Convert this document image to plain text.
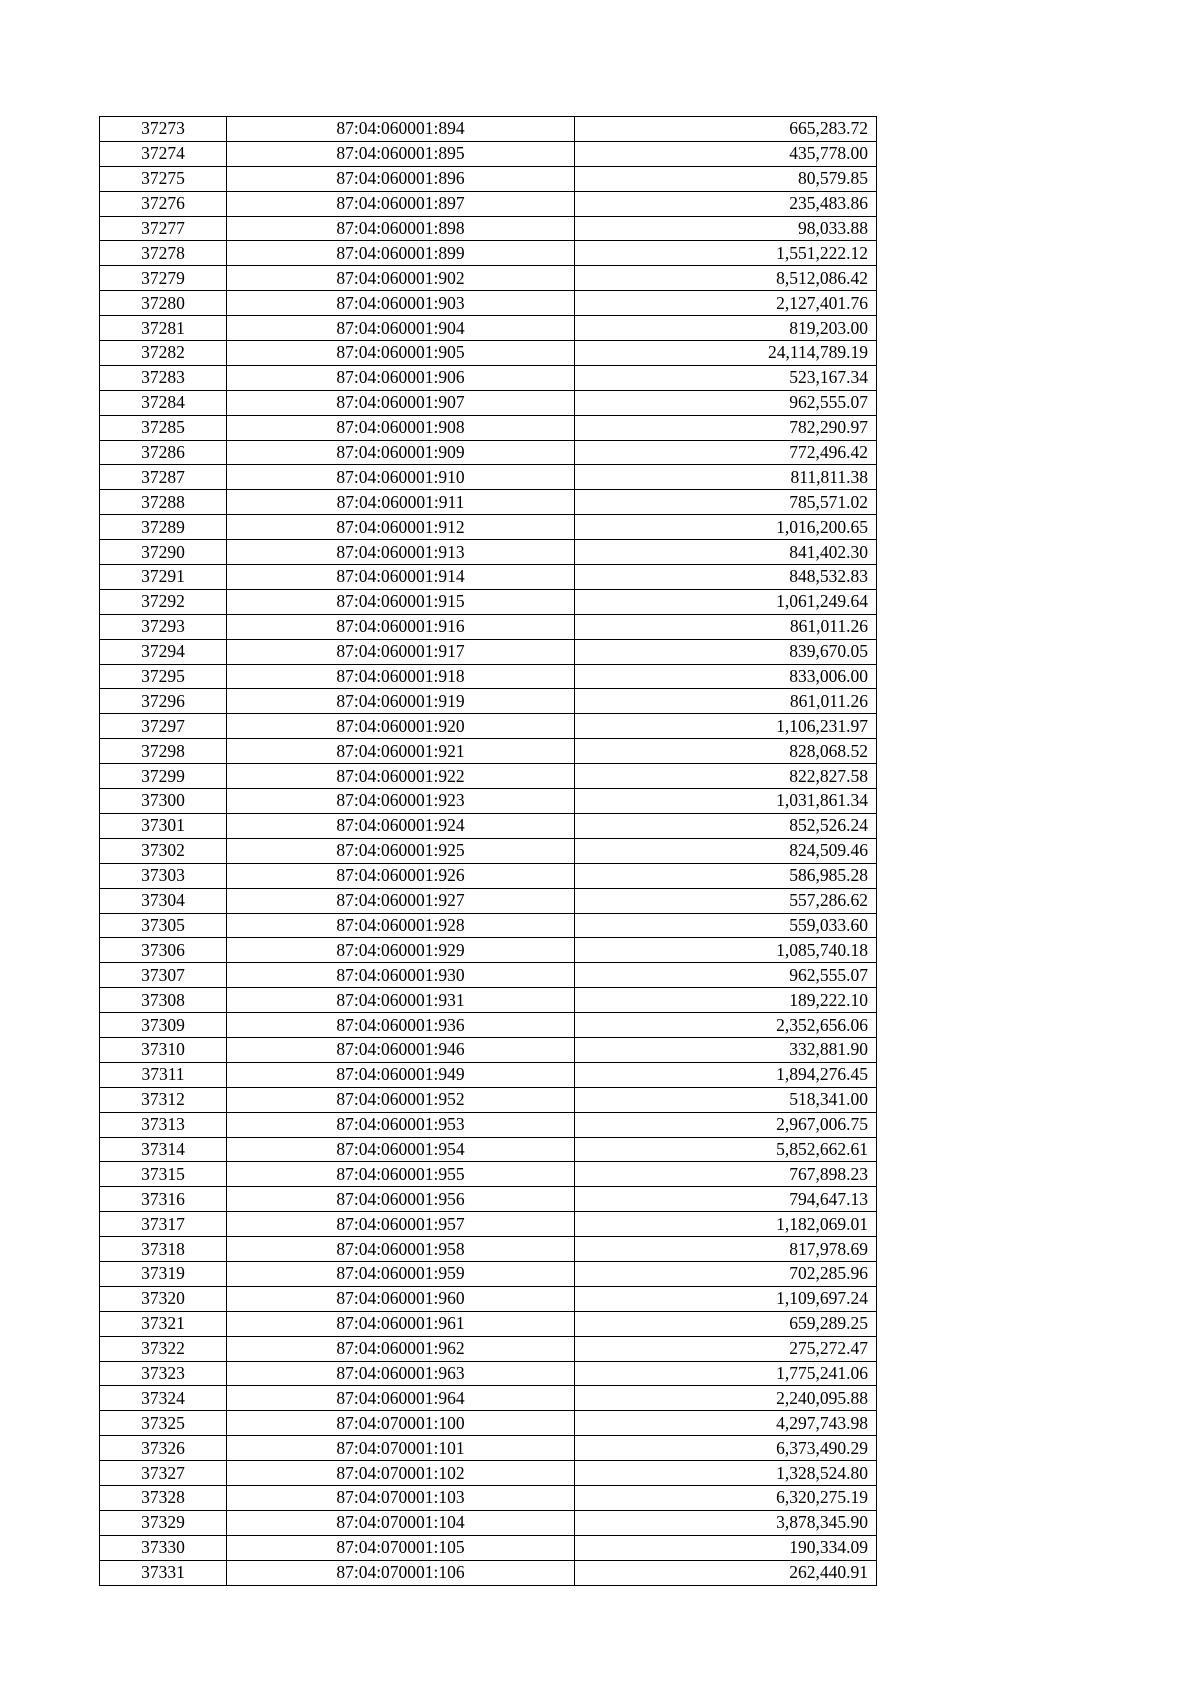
37273	87:04:060001:894	665,283.72
37274	87:04:060001:895	435,778.00
37275	87:04:060001:896	80,579.85
37276	87:04:060001:897	235,483.86
37277	87:04:060001:898	98,033.88
37278	87:04:060001:899	1,551,222.12
37279	87:04:060001:902	8,512,086.42
37280	87:04:060001:903	2,127,401.76
37281	87:04:060001:904	819,203.00
37282	87:04:060001:905	24,114,789.19
37283	87:04:060001:906	523,167.34
37284	87:04:060001:907	962,555.07
37285	87:04:060001:908	782,290.97
37286	87:04:060001:909	772,496.42
37287	87:04:060001:910	811,811.38
37288	87:04:060001:911	785,571.02
37289	87:04:060001:912	1,016,200.65
37290	87:04:060001:913	841,402.30
37291	87:04:060001:914	848,532.83
37292	87:04:060001:915	1,061,249.64
37293	87:04:060001:916	861,011.26
37294	87:04:060001:917	839,670.05
37295	87:04:060001:918	833,006.00
37296	87:04:060001:919	861,011.26
37297	87:04:060001:920	1,106,231.97
37298	87:04:060001:921	828,068.52
37299	87:04:060001:922	822,827.58
37300	87:04:060001:923	1,031,861.34
37301	87:04:060001:924	852,526.24
37302	87:04:060001:925	824,509.46
37303	87:04:060001:926	586,985.28
37304	87:04:060001:927	557,286.62
37305	87:04:060001:928	559,033.60
37306	87:04:060001:929	1,085,740.18
37307	87:04:060001:930	962,555.07
37308	87:04:060001:931	189,222.10
37309	87:04:060001:936	2,352,656.06
37310	87:04:060001:946	332,881.90
37311	87:04:060001:949	1,894,276.45
37312	87:04:060001:952	518,341.00
37313	87:04:060001:953	2,967,006.75
37314	87:04:060001:954	5,852,662.61
37315	87:04:060001:955	767,898.23
37316	87:04:060001:956	794,647.13
37317	87:04:060001:957	1,182,069.01
37318	87:04:060001:958	817,978.69
37319	87:04:060001:959	702,285.96
37320	87:04:060001:960	1,109,697.24
37321	87:04:060001:961	659,289.25
37322	87:04:060001:962	275,272.47
37323	87:04:060001:963	1,775,241.06
37324	87:04:060001:964	2,240,095.88
37325	87:04:070001:100	4,297,743.98
37326	87:04:070001:101	6,373,490.29
37327	87:04:070001:102	1,328,524.80
37328	87:04:070001:103	6,320,275.19
37329	87:04:070001:104	3,878,345.90
37330	87:04:070001:105	190,334.09
37331	87:04:070001:106	262,440.91
